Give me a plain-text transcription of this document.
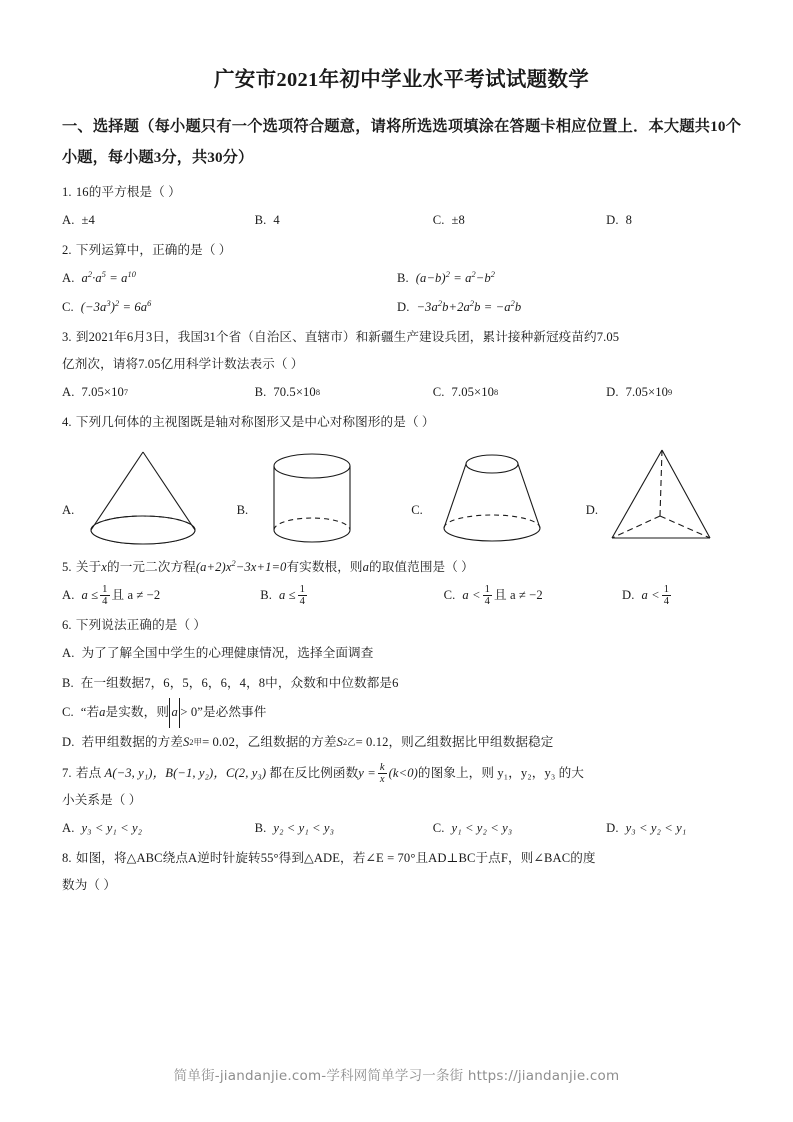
广安市2021年初中学业水平考试试题数学
一、选择题（每小题只有一个选项符合题意，请将所选选项填涂在答题卡相应位置上．本大题共10个小题，每小题3分，共30分）
1. 16的平方根是（ ）
A. ±4	B. 4	C. ±8	D. 8
2. 下列运算中，正确的是（ ）
A. $a^2\cdot a^5 = a^{10}$	B. $(a-b)^2 = a^2-b^2$
C. $(-3a^3)^2 = 6a^6$	D. $-3a^2b+2a^2b = -a^2b$
3. 到2021年6月3日，我国31个省（自治区、直辖市）和新疆生产建设兵团，累计接种新冠疫苗约7.05
亿剂次，请将7.05亿用科学计数法表示（ ）
A. 7.05×10 7	B. 70.5×10 8	C. 7.05×10 8	D. 7.05×10 9
4. 下列几何体的主视图既是轴对称图形又是中心对称图形的是（ ）
A.	B.	C.	D.
5. 关于x的一元二次方程$(a+2)x^2-3x+1=0$有实数根，则a的取值范围是（ ）
A. $a \le \frac{1}{4}$ 且 a ≠ −2	B. $a \le \frac{1}{4}$	C. $a < \frac{1}{4}$ 且 a ≠ −2	D. $a < \frac{1}{4}$
6. 下列说法正确的是（ ）
A. 为了了解全国中学生的心理健康情况，选择全面调查
B. 在一组数据7，6，5，6，6，4，8中，众数和中位数都是6
C. “若 a 是实数，则 a > 0”是必然事件
D. 若甲组数据的方差 S 2 甲 = 0.02 ，乙组数据的方差 S 2 乙 = 0.12 ，则乙组数据比甲组数据稳定
7. 若点 A(−3, y₁)，B(−1, y₂)，C(2, y₃) 都在反比例函数$y = \frac{k}{x} (k<0)$的图象上，则 y₁，y₂，y₃ 的大
小关系是（ ）
A. y₃ < y₁ < y₂	B. y₂ < y₁ < y₃	C. y₁ < y₂ < y₃	D. y₃ < y₂ < y₁
8. 如图，将△ABC绕点A逆时针旋转55°得到△ADE，若∠E = 70°且AD⊥BC于点F，则∠BAC的度
数为（ ）
简单街-jiandanjie.com-学科网简单学习一条街 https://jiandanjie.com
